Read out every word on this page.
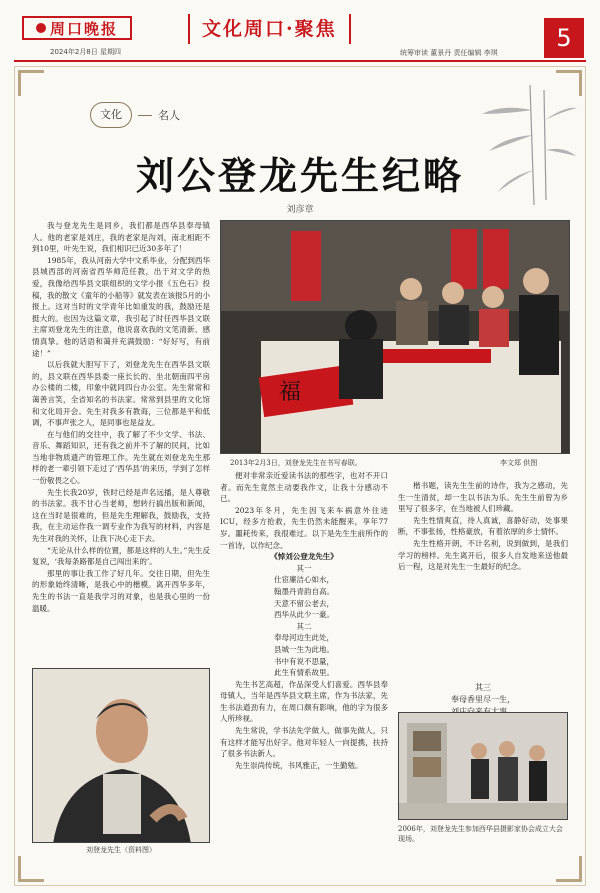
周口晚报
2024年2月8日 星期四
文化周口·聚焦
统筹审读 董景丹 责任编辑 李琪
5
文化	名人
刘公登龙先生纪略
刘彦章

我与登龙先生是同乡，我们都是西华县奉母镇人。他的老家是刘庄，我的老家是沟刘，南北相距不到10里，叶先生说，我们相识已近30多年了！

1985年，我从河南大学中文系毕业，分配到西华县城西部的河南省西华师范任教，出于对文学的热爱，我像给西华县文联组织的文学小报《五色石》投稿，我的散文《童年的小船等》就发表在该报5月的小报上。这对当时的文学青年比如重发的我，鼓励还是挺大的。也因为这篇文章，我引起了时任西华县文联主席刘登龙先生的注意，他说喜欢我的文笔清新、感情真挚。他的话语和蔼并充满鼓励：“好好写，有前途！”

以后我就大胆写下了，刘登龙先生在西华县文联的，县文联在西华县委一座长长的、坐北朝南四平房办公楼的二楼，印象中就同四台办公室。先生常常和蔼善言笑，全省知名的书法家。常常到县里的文化馆和文化局开会。先生对我多有教诲，三位都是平和低调，不事声张之人，是同事也是益友。

在与他们的交往中，我了解了不少文学、书法、音乐、舞蹈知识，还有我之前并不了解的民间，比如当地非物质遗产的管理工作。先生就在刘登龙先生那样的老一辈引领下走过了‘西华县’的来历，学到了怎样一份敬畏之心。

先生长我20岁，铁时已经是声名远播，是人尊敬的书法家。我不甘心当老师，想转行搞出版和新闻，这在当时是很难的，但是先生理解我，鼓励我，支持我，在主动运作我一调专业作为我写的材料，内容是先生对我的关怀，让我下决心走下去。

“无论从什么样的位置，都是这样的人生。”先生反复说，‘我每条路都是自己闯出来的’。

那里的事让我工作了好几年。交往日期，但先生的形象始终清晰，是我心中的楷模。离开西华多年，先生的书法一直是我学习的对象，也是我心里的一份温暖。

福
2013年2月3日，刘登龙先生在书写春联。	李文郑 供图

便对非常亲近爱读书法的那些字，也对不开口者。而先生竟然主动要我作文，让我十分感动不已。

2023年冬月，先生因飞来车祸意外住进ICU，经多方抢救，先生仍然未能醒来，享年77岁。噩耗传来，我很难过。以下是先生生前所作的一首诗，以作纪念。

《悼刘公登龙先生》

其一

仕宦廉洁心如水，

翰墨丹青韵自高。

天意不留公老去，

西华从此少一豪。

其二

奉母河边生此处，

县城一生为此地。

书中有说不思量，

此生有情系故里。

先生书艺高超，作品深受人们喜爱。西华县奉母镇人，当年是西华县文联主席，作为书法家，先生书法遒劲有力，在周口颇有影响，他的字为很多人所珍视。

先生常说，学书法先学做人，做事先做人，只有这样才能写出好字。他对年轻人一向提携，扶持了很多书法新人。

先生崇尚传统，书风雅正，一生勤勉。

楷书题，读先生生前的诗作，我为之感动，先生一生清贫，却一生以书法为乐。先生生前曾为乡里写了很多字，在当地被人们珍藏。

先生性情爽直，待人真诚，喜静好动，处事果断，不事张扬，性格豪放，有着浓厚的乡土情怀。

先生性格开朗，不计名利，说到做到，是我们学习的榜样。先生离开后，很多人自发地来送他最后一程，这是对先生一生最好的纪念。

其三
奉母香里尽一生，
刘登龙先生（资料图）
2006年，刘登龙先生参加西华县摄影家协会成立大会现场。
